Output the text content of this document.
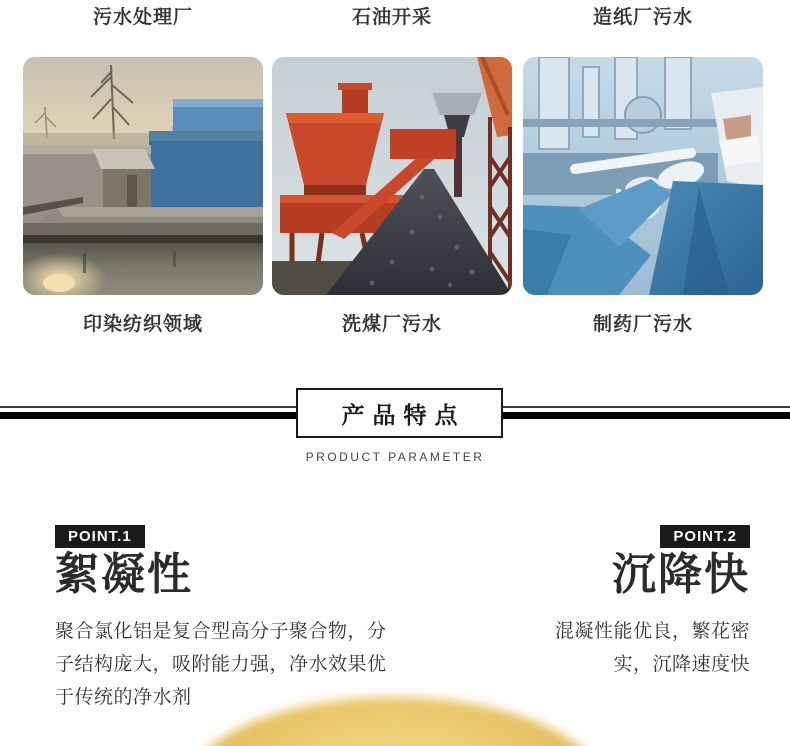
污水处理厂
印染纺织领域
石油开采
洗煤厂污水
造纸厂污水
制药厂污水
产品特点
PRODUCT PARAMETER
POINT.1
絮凝性
聚合氯化铝是复合型高分子聚合物，分子结构庞大，吸附能力强，净水效果优于传统的净水剂
POINT.2
沉降快
混凝性能优良，繁花密实，沉降速度快
